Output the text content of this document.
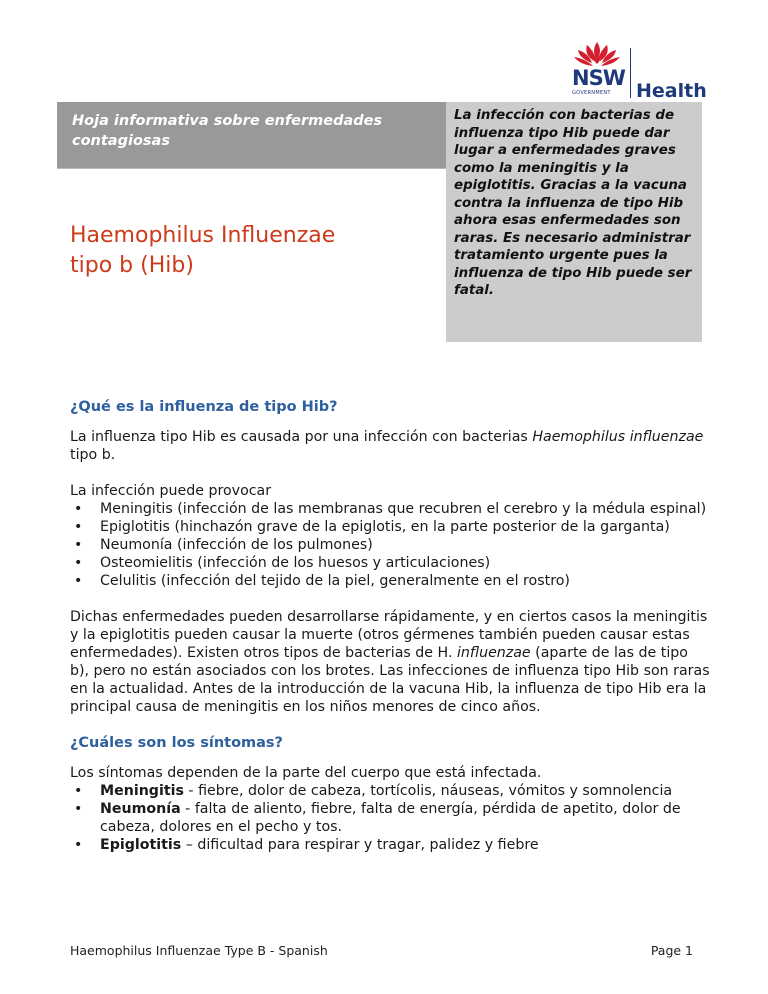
NSW
GOVERNMENT Health
Hoja informativa sobre enfermedades contagiosas
La infección con bacterias de influenza tipo Hib puede dar lugar a enfermedades graves como la meningitis y la epiglotitis. Gracias a la vacuna contra la influenza de tipo Hib ahora esas enfermedades son raras. Es necesario administrar tratamiento urgente pues la influenza de tipo Hib puede ser fatal.
Haemophilus Influenzae
tipo b (Hib)
¿Qué es la influenza de tipo Hib?

La influenza tipo Hib es causada por una infección con bacterias Haemophilus influenzae tipo b.

La infección puede provocar

• Meningitis (infección de las membranas que recubren el cerebro y la médula espinal)
• Epiglotitis (hinchazón grave de la epiglotis, en la parte posterior de la garganta)
• Neumonía (infección de los pulmones)
• Osteomielitis (infección de los huesos y articulaciones)
• Celulitis (infección del tejido de la piel, generalmente en el rostro)

Dichas enfermedades pueden desarrollarse rápidamente, y en ciertos casos la meningitis y la epiglotitis pueden causar la muerte (otros gérmenes también pueden causar estas enfermedades). Existen otros tipos de bacterias de H. influenzae (aparte de las de tipo b), pero no están asociados con los brotes. Las infecciones de influenza tipo Hib son raras en la actualidad. Antes de la introducción de la vacuna Hib, la influenza de tipo Hib era la principal causa de meningitis en los niños menores de cinco años.

¿Cuáles son los síntomas?

Los síntomas dependen de la parte del cuerpo que está infectada.

• Meningitis - fiebre, dolor de cabeza, tortícolis, náuseas, vómitos y somnolencia
• Neumonía - falta de aliento, fiebre, falta de energía, pérdida de apetito, dolor de cabeza, dolores en el pecho y tos.
• Epiglotitis – dificultad para respirar y tragar, palidez y fiebre
Haemophilus Influenzae Type B - Spanish	Page 1
